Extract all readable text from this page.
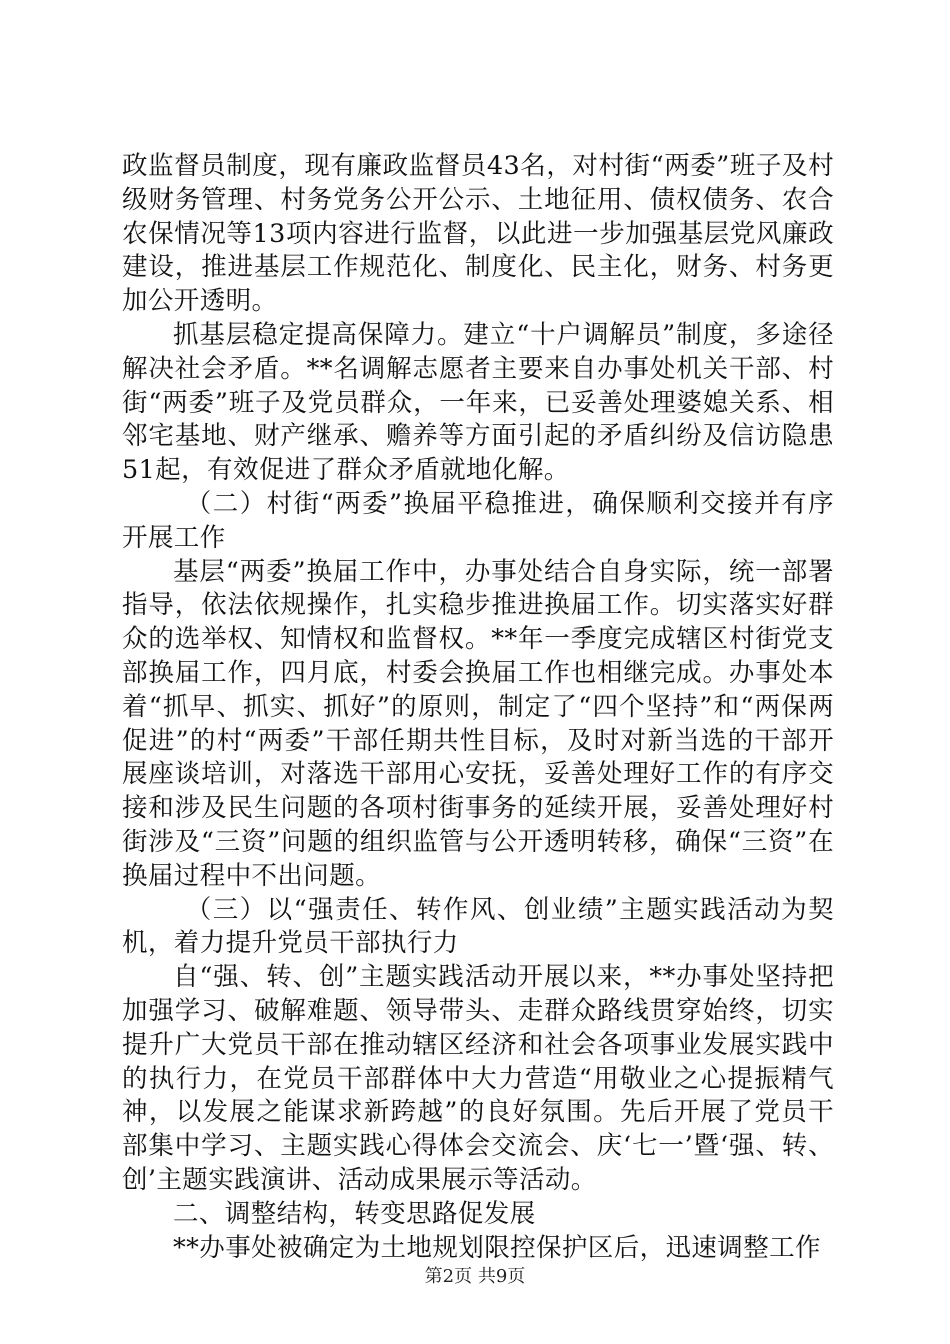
政监督员制度，现有廉政监督员43名，对村街“两委”班子及村级财务管理、村务党务公开公示、土地征用、债权债务、农合农保情况等13项内容进行监督，以此进一步加强基层党风廉政建设，推进基层工作规范化、制度化、民主化，财务、村务更加公开透明。

抓基层稳定提高保障力。建立“十户调解员”制度，多途径解决社会矛盾。**名调解志愿者主要来自办事处机关干部、村街“两委”班子及党员群众，一年来，已妥善处理婆媳关系、相邻宅基地、财产继承、赡养等方面引起的矛盾纠纷及信访隐患51起，有效促进了群众矛盾就地化解。

（二）村街“两委”换届平稳推进，确保顺利交接并有序开展工作

基层“两委”换届工作中，办事处结合自身实际，统一部署指导，依法依规操作，扎实稳步推进换届工作。切实落实好群众的选举权、知情权和监督权。**年一季度完成辖区村街党支部换届工作，四月底，村委会换届工作也相继完成。办事处本着“抓早、抓实、抓好”的原则，制定了“四个坚持”和“两保两促进”的村“两委”干部任期共性目标，及时对新当选的干部开展座谈培训，对落选干部用心安抚，妥善处理好工作的有序交接和涉及民生问题的各项村街事务的延续开展，妥善处理好村街涉及“三资”问题的组织监管与公开透明转移，确保“三资”在换届过程中不出问题。

（三）以“强责任、转作风、创业绩”主题实践活动为契机，着力提升党员干部执行力

自“强、转、创”主题实践活动开展以来，**办事处坚持把加强学习、破解难题、领导带头、走群众路线贯穿始终，切实提升广大党员干部在推动辖区经济和社会各项事业发展实践中的执行力，在党员干部群体中大力营造“用敬业之心提振精气神，以发展之能谋求新跨越”的良好氛围。先后开展了党员干部集中学习、主题实践心得体会交流会、庆‘七一’暨‘强、转、创’主题实践演讲、活动成果展示等活动。

二、调整结构，转变思路促发展

**办事处被确定为土地规划限控保护区后，迅速调整工作

第2页 共9页
